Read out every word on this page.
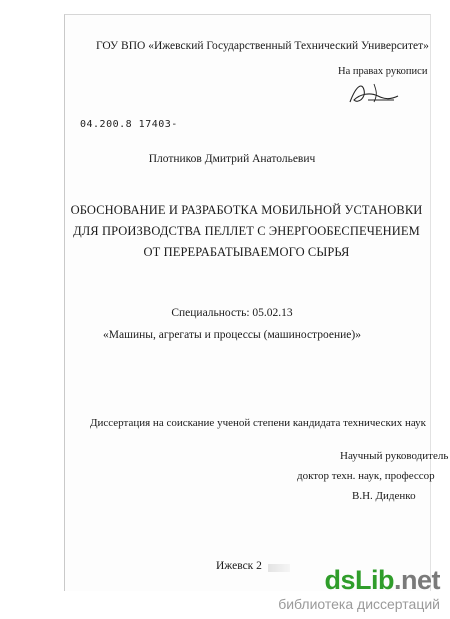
ГОУ ВПО «Ижевский Государственный Технический Университет»
На правах рукописи
04.200.8 17403-
Плотников Дмитрий Анатольевич
ОБОСНОВАНИЕ И РАЗРАБОТКА МОБИЛЬНОЙ УСТАНОВКИ
ДЛЯ ПРОИЗВОДСТВА ПЕЛЛЕТ С ЭНЕРГООБЕСПЕЧЕНИЕМ
ОТ ПЕРЕРАБАТЫВАЕМОГО СЫРЬЯ
Специальность: 05.02.13
«Машины, агрегаты и процессы (машиностроение)»
Диссертация на соискание ученой степени кандидата технических наук
Научный руководитель
доктор техн. наук, профессор
В.Н. Диденко
Ижевск 2	dsLib.net
библиотека диссертаций
